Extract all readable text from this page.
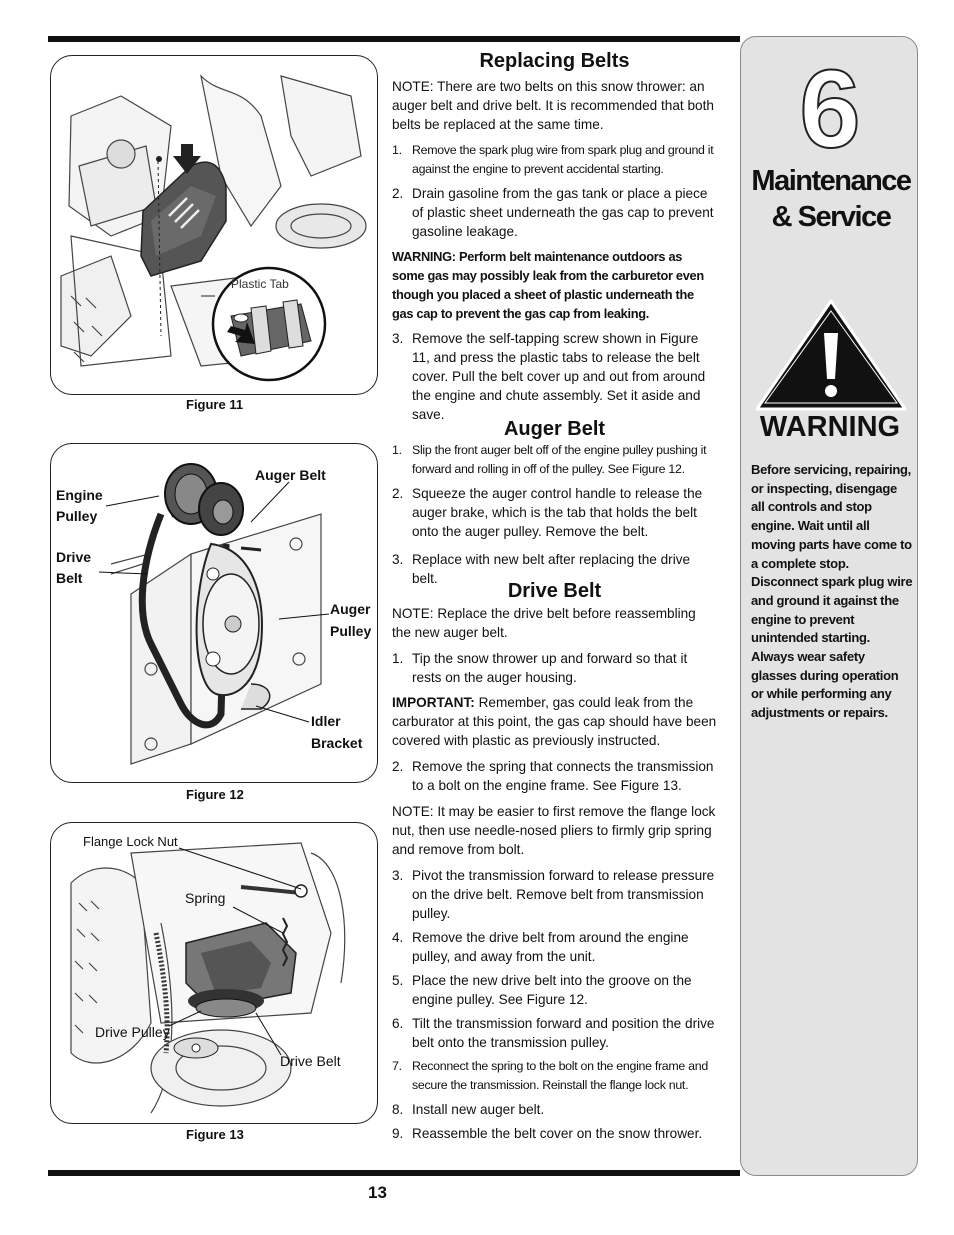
Plastic Tab
Figure 11
Engine
Pulley
Drive
Belt
Auger Belt
Auger
Pulley
Idler
Bracket
Figure 12
Flange Lock Nut
Spring
Drive Pulley
Drive Belt
Figure 13
Replacing Belts
NOTE: There are two belts on this snow thrower: an auger belt and drive belt. It is recommended that both belts be replaced at the same time.
1. Remove the spark plug wire from spark plug and ground it against the engine to prevent accidental starting.
2. Drain gasoline from the gas tank or place a piece of plastic sheet underneath the gas cap to prevent gasoline leakage.
WARNING: Perform belt maintenance outdoors as some gas may possibly leak from the carburetor even though you placed a sheet of plastic underneath the gas cap to prevent the gas cap from leaking.
3. Remove the self-tapping screw shown in Figure 11, and press the plastic tabs to release the belt cover. Pull the belt cover up and out from around the engine and chute assembly. Set it aside and save.
Auger Belt
1. Slip the front auger belt off of the engine pulley pushing it forward and rolling in off of the pulley. See Figure 12.
2. Squeeze the auger control handle to release the auger brake, which is the tab that holds the belt onto the auger pulley. Remove the belt.
3. Replace with new belt after replacing the drive belt.
Drive Belt
NOTE: Replace the drive belt before reassembling the new auger belt.
1. Tip the snow thrower up and forward so that it rests on the auger housing.
IMPORTANT: Remember, gas could leak from the carburator at this point, the gas cap should have been covered with plastic as previously instructed.
2. Remove the spring that connects the transmission to a bolt on the engine frame. See Figure 13.
NOTE: It may be easier to first remove the flange lock nut, then use needle-nosed pliers to firmly grip spring and remove from bolt.
3. Pivot the transmission forward to release pressure on the drive belt. Remove belt from transmission pulley.
4. Remove the drive belt from around the engine pulley, and away from the unit.
5. Place the new drive belt into the groove on the engine pulley. See Figure 12.
6. Tilt the transmission forward and position the drive belt onto the transmission pulley.
7. Reconnect the spring to the bolt on the engine frame and secure the transmission. Reinstall the flange lock nut.
8. Install new auger belt.
9. Reassemble the belt cover on the snow thrower.
6
Maintenance
& Service
WARNING
Before servicing, repairing, or inspecting, disengage all controls and stop engine. Wait until all moving parts have come to a complete stop. Disconnect spark plug wire and ground it against the engine to prevent unintended starting. Always wear safety glasses during operation or while performing any adjustments or repairs.
13
